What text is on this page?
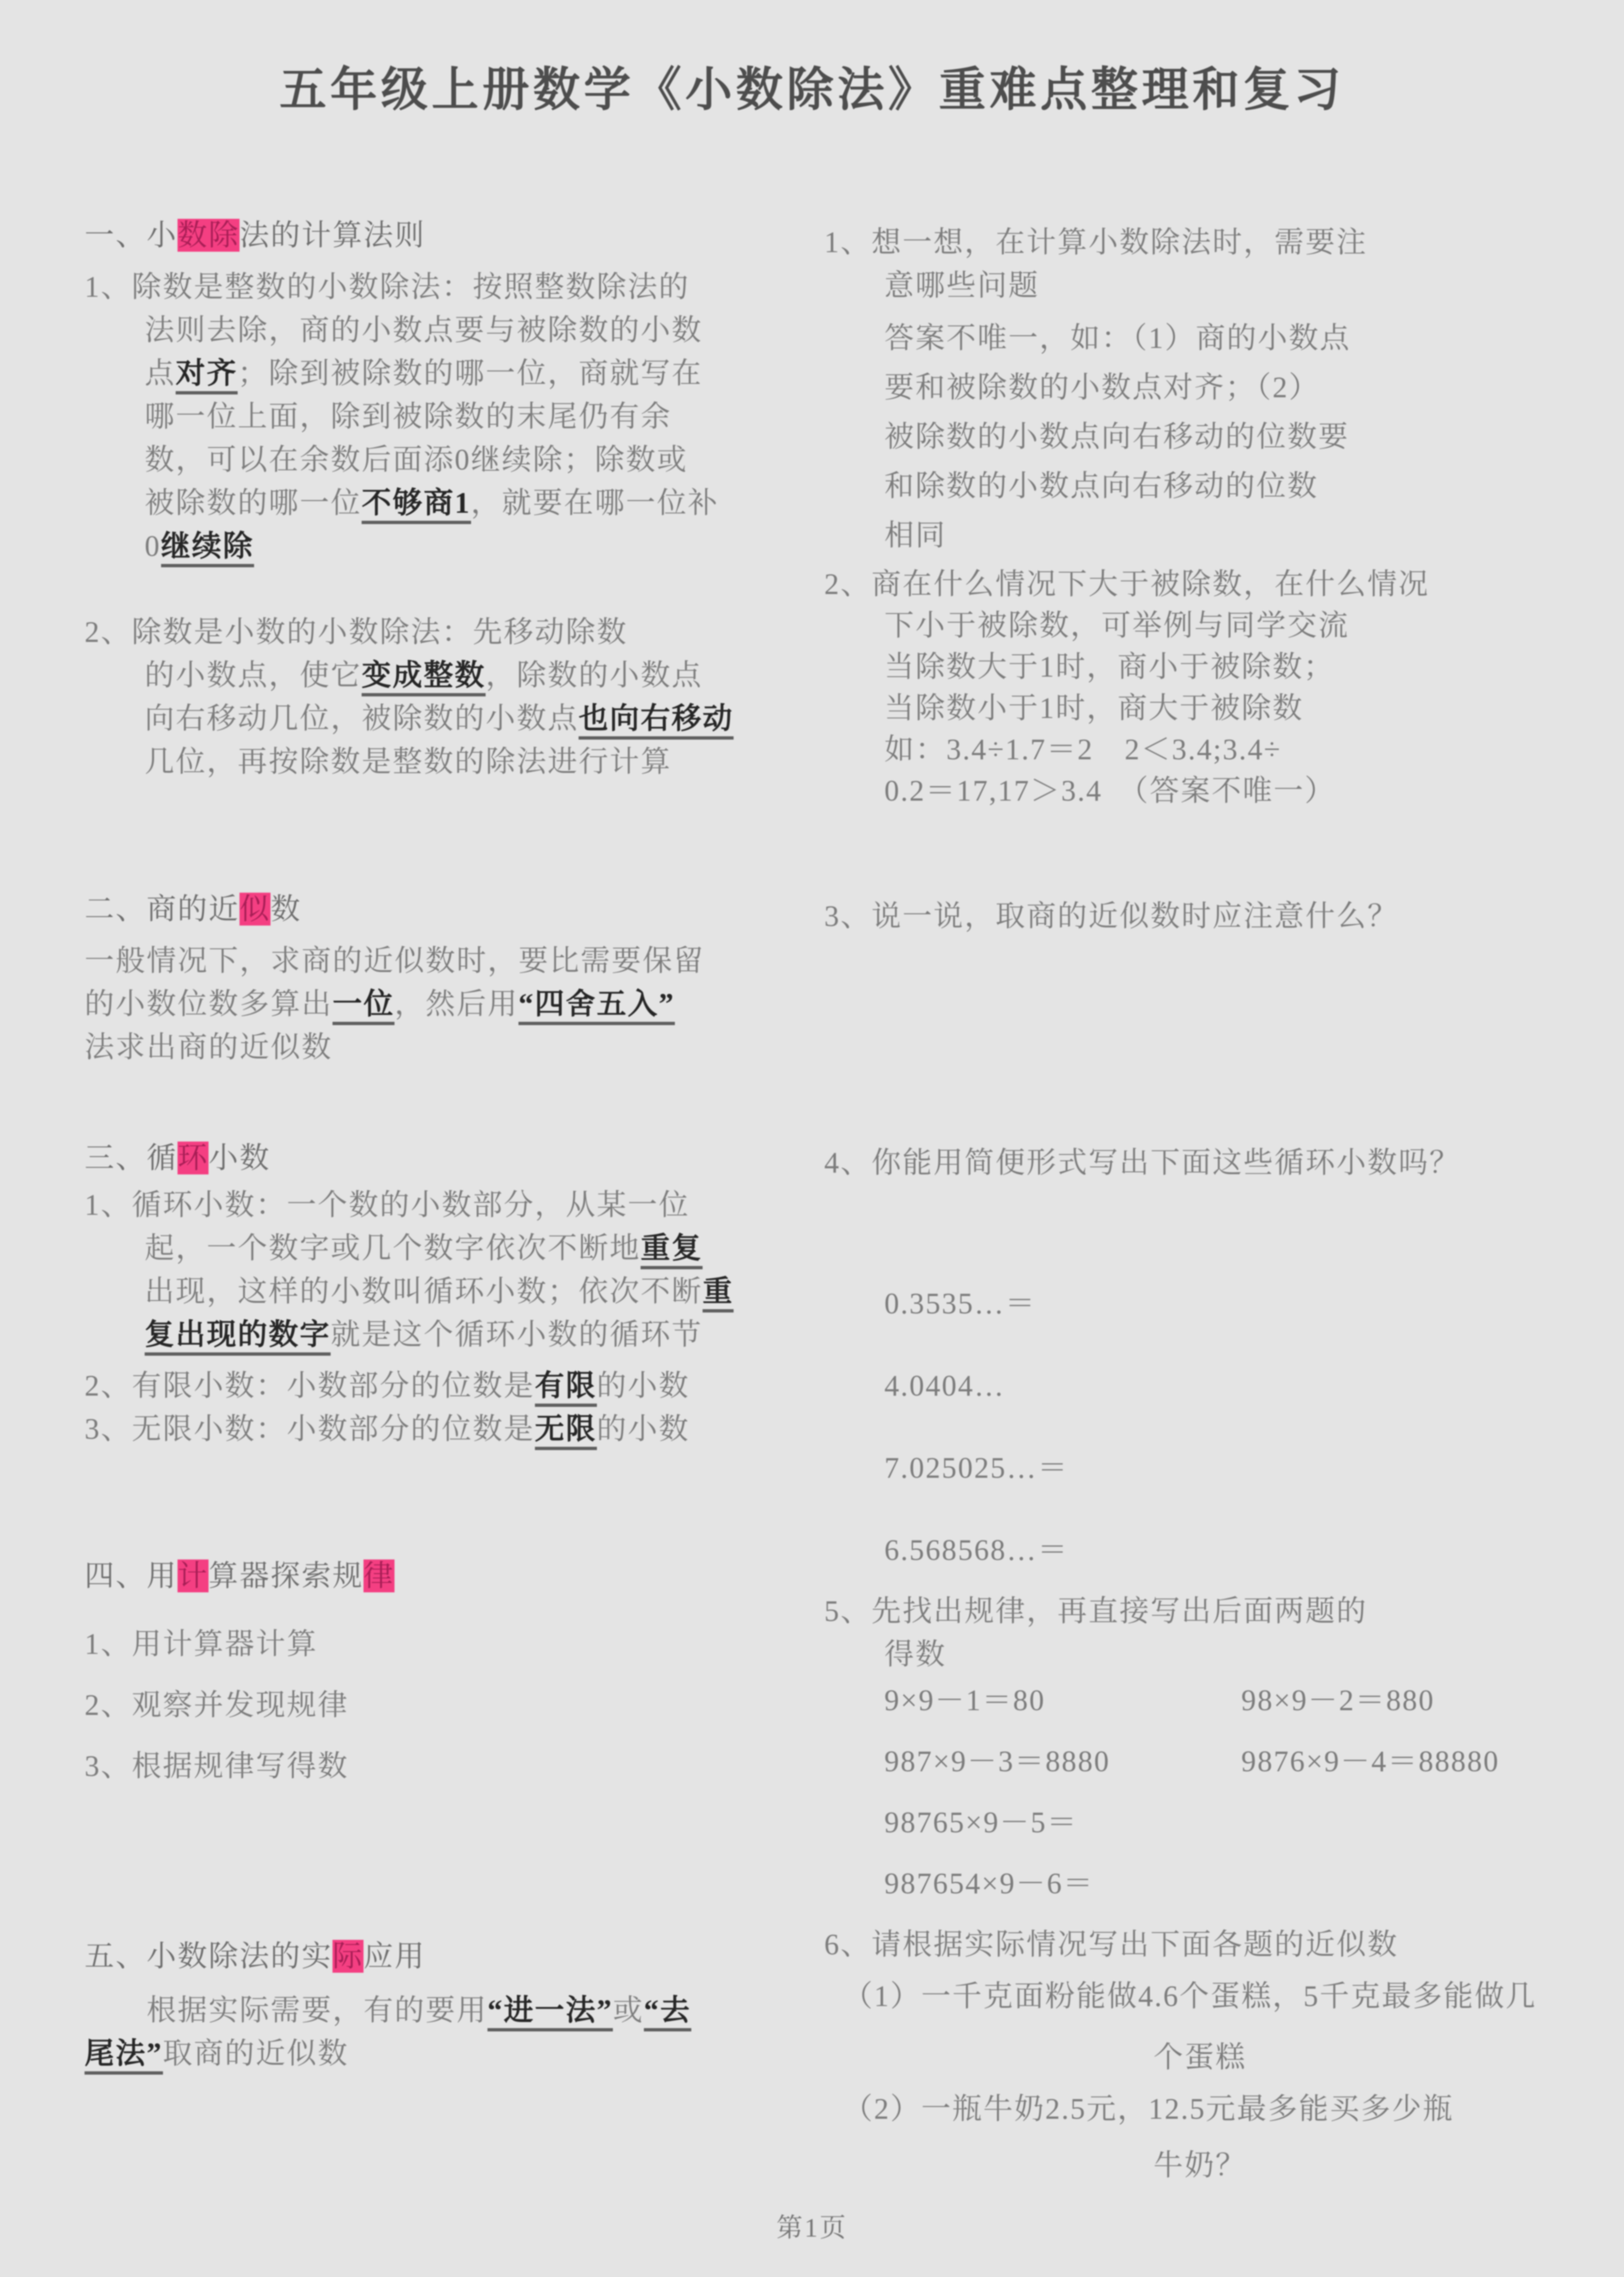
五年级上册数学《小数除法》重难点整理和复习
一、小数除法的计算法则
1、除数是整数的小数除法：按照整数除法的
法则去除，商的小数点要与被除数的小数
点对齐；除到被除数的哪一位，商就写在
哪一位上面，除到被除数的末尾仍有余
数，可以在余数后面添0继续除；除数或
被除数的哪一位不够商1，就要在哪一位补
0继续除
2、除数是小数的小数除法：先移动除数
的小数点，使它变成整数，除数的小数点
向右移动几位，被除数的小数点也向右移动
几位，再按除数是整数的除法进行计算
二、商的近似数
一般情况下，求商的近似数时，要比需要保留
的小数位数多算出一位，然后用“四舍五入”
法求出商的近似数
三、循环小数
1、循环小数：一个数的小数部分，从某一位
起，一个数字或几个数字依次不断地重复
出现，这样的小数叫循环小数；依次不断重
复出现的数字就是这个循环小数的循环节
2、有限小数：小数部分的位数是有限的小数
3、无限小数：小数部分的位数是无限的小数
四、用计算器探索规律
1、用计算器计算
2、观察并发现规律
3、根据规律写得数
五、小数除法的实际应用
　　根据实际需要，有的要用“进一法”或“去
尾法”取商的近似数
1、想一想，在计算小数除法时，需要注
意哪些问题
答案不唯一，如：（1）商的小数点
要和被除数的小数点对齐；（2）
被除数的小数点向右移动的位数要
和除数的小数点向右移动的位数
相同
2、商在什么情况下大于被除数，在什么情况
下小于被除数，可举例与同学交流
当除数大于1时，商小于被除数；
当除数小于1时，商大于被除数
如：3.4÷1.7＝2　2＜3.4;3.4÷
0.2＝17,17＞3.4　（答案不唯一）
3、说一说，取商的近似数时应注意什么？
4、你能用简便形式写出下面这些循环小数吗？
0.3535…＝
4.0404…
7.025025…＝
6.568568…＝
5、先找出规律，再直接写出后面两题的
得数
9×9－1＝80	98×9－2＝880
987×9－3＝8880	9876×9－4＝88880
98765×9－5＝
987654×9－6＝
6、请根据实际情况写出下面各题的近似数
（1）一千克面粉能做4.6个蛋糕，5千克最多能做几
个蛋糕
（2）一瓶牛奶2.5元，12.5元最多能买多少瓶
牛奶？
第1页
